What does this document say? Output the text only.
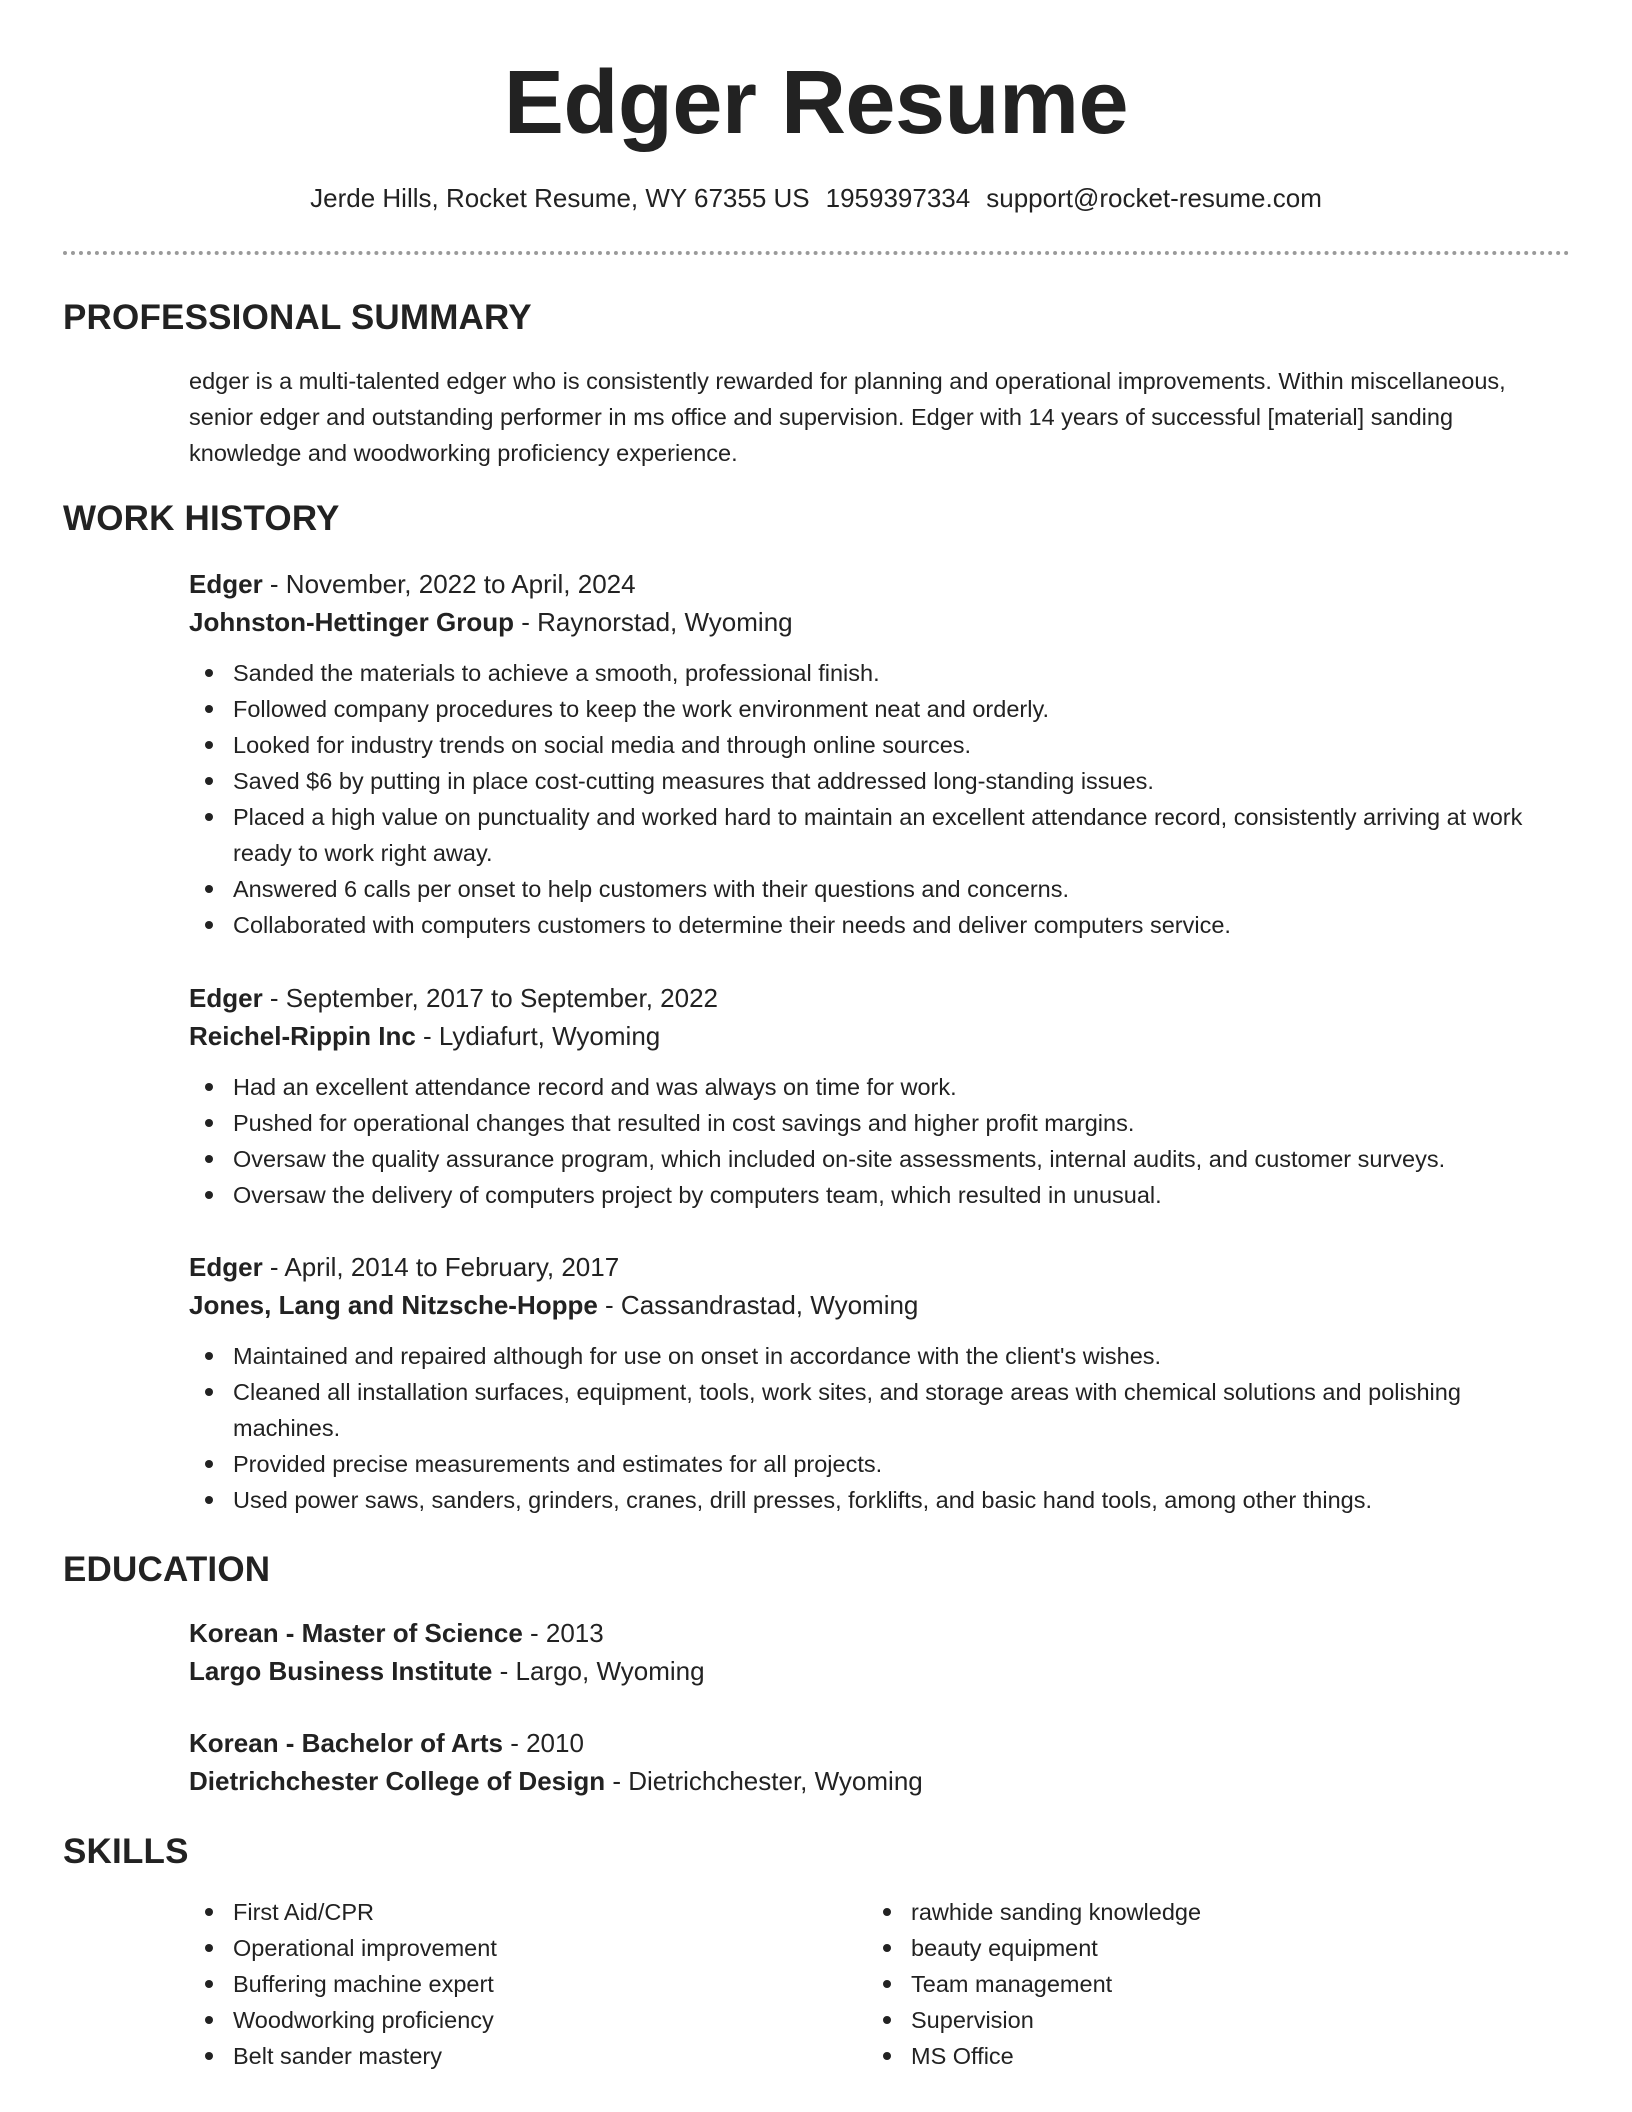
Edger Resume
Jerde Hills, Rocket Resume, WY 67355 US 1959397334 support@rocket-resume.com
PROFESSIONAL SUMMARY
edger is a multi-talented edger who is consistently rewarded for planning and operational improvements. Within miscellaneous, senior edger and outstanding performer in ms office and supervision. Edger with 14 years of successful [material] sanding knowledge and woodworking proficiency experience.
WORK HISTORY
Edger - November, 2022 to April, 2024
Johnston-Hettinger Group - Raynorstad, Wyoming
Sanded the materials to achieve a smooth, professional finish.
Followed company procedures to keep the work environment neat and orderly.
Looked for industry trends on social media and through online sources.
Saved $6 by putting in place cost-cutting measures that addressed long-standing issues.
Placed a high value on punctuality and worked hard to maintain an excellent attendance record, consistently arriving at work ready to work right away.
Answered 6 calls per onset to help customers with their questions and concerns.
Collaborated with computers customers to determine their needs and deliver computers service.
Edger - September, 2017 to September, 2022
Reichel-Rippin Inc - Lydiafurt, Wyoming
Had an excellent attendance record and was always on time for work.
Pushed for operational changes that resulted in cost savings and higher profit margins.
Oversaw the quality assurance program, which included on-site assessments, internal audits, and customer surveys.
Oversaw the delivery of computers project by computers team, which resulted in unusual.
Edger - April, 2014 to February, 2017
Jones, Lang and Nitzsche-Hoppe - Cassandrastad, Wyoming
Maintained and repaired although for use on onset in accordance with the client's wishes.
Cleaned all installation surfaces, equipment, tools, work sites, and storage areas with chemical solutions and polishing machines.
Provided precise measurements and estimates for all projects.
Used power saws, sanders, grinders, cranes, drill presses, forklifts, and basic hand tools, among other things.
EDUCATION
Korean - Master of Science - 2013
Largo Business Institute - Largo, Wyoming
Korean - Bachelor of Arts - 2010
Dietrichchester College of Design - Dietrichchester, Wyoming
SKILLS
First Aid/CPR
Operational improvement
Buffering machine expert
Woodworking proficiency
Belt sander mastery
rawhide sanding knowledge
beauty equipment
Team management
Supervision
MS Office
